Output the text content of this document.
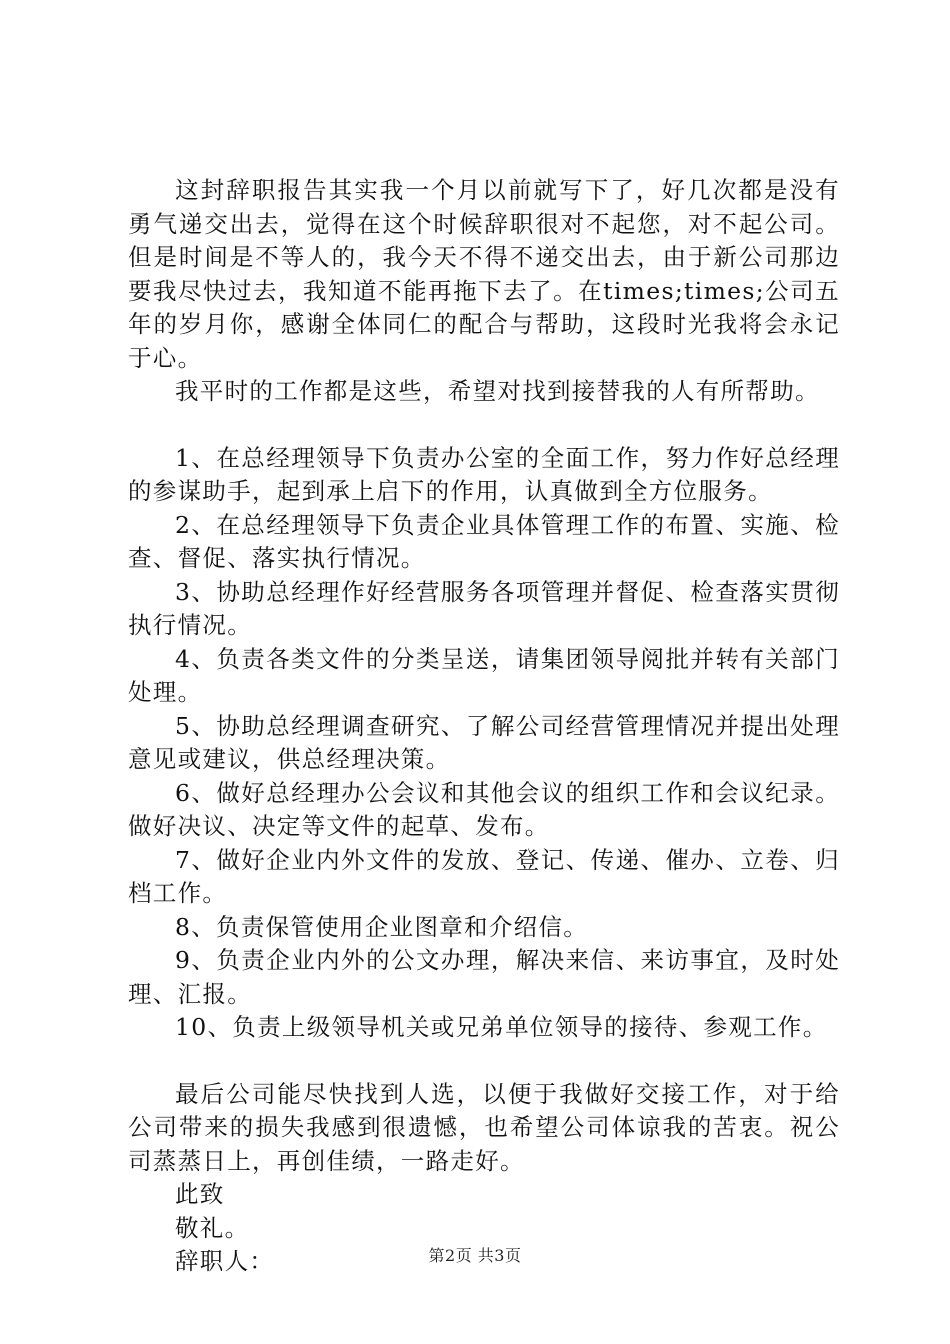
这封辞职报告其实我一个月以前就写下了，好几次都是没有勇气递交出去，觉得在这个时候辞职很对不起您，对不起公司。但是时间是不等人的，我今天不得不递交出去，由于新公司那边要我尽快过去，我知道不能再拖下去了。在times;times;公司五年的岁月你，感谢全体同仁的配合与帮助，这段时光我将会永记于心。

我平时的工作都是这些，希望对找到接替我的人有所帮助。

1、在总经理领导下负责办公室的全面工作，努力作好总经理的参谋助手，起到承上启下的作用，认真做到全方位服务。

2、在总经理领导下负责企业具体管理工作的布置、实施、检查、督促、落实执行情况。

3、协助总经理作好经营服务各项管理并督促、检查落实贯彻执行情况。

4、负责各类文件的分类呈送，请集团领导阅批并转有关部门处理。

5、协助总经理调查研究、了解公司经营管理情况并提出处理意见或建议，供总经理决策。

6、做好总经理办公会议和其他会议的组织工作和会议纪录。做好决议、决定等文件的起草、发布。

7、做好企业内外文件的发放、登记、传递、催办、立卷、归档工作。

8、负责保管使用企业图章和介绍信。

9、负责企业内外的公文办理，解决来信、来访事宜，及时处理、汇报。

10、负责上级领导机关或兄弟单位领导的接待、参观工作。

最后公司能尽快找到人选，以便于我做好交接工作，对于给公司带来的损失我感到很遗憾，也希望公司体谅我的苦衷。祝公司蒸蒸日上，再创佳绩，一路走好。

此致

敬礼。

辞职人：	第2页 共3页
